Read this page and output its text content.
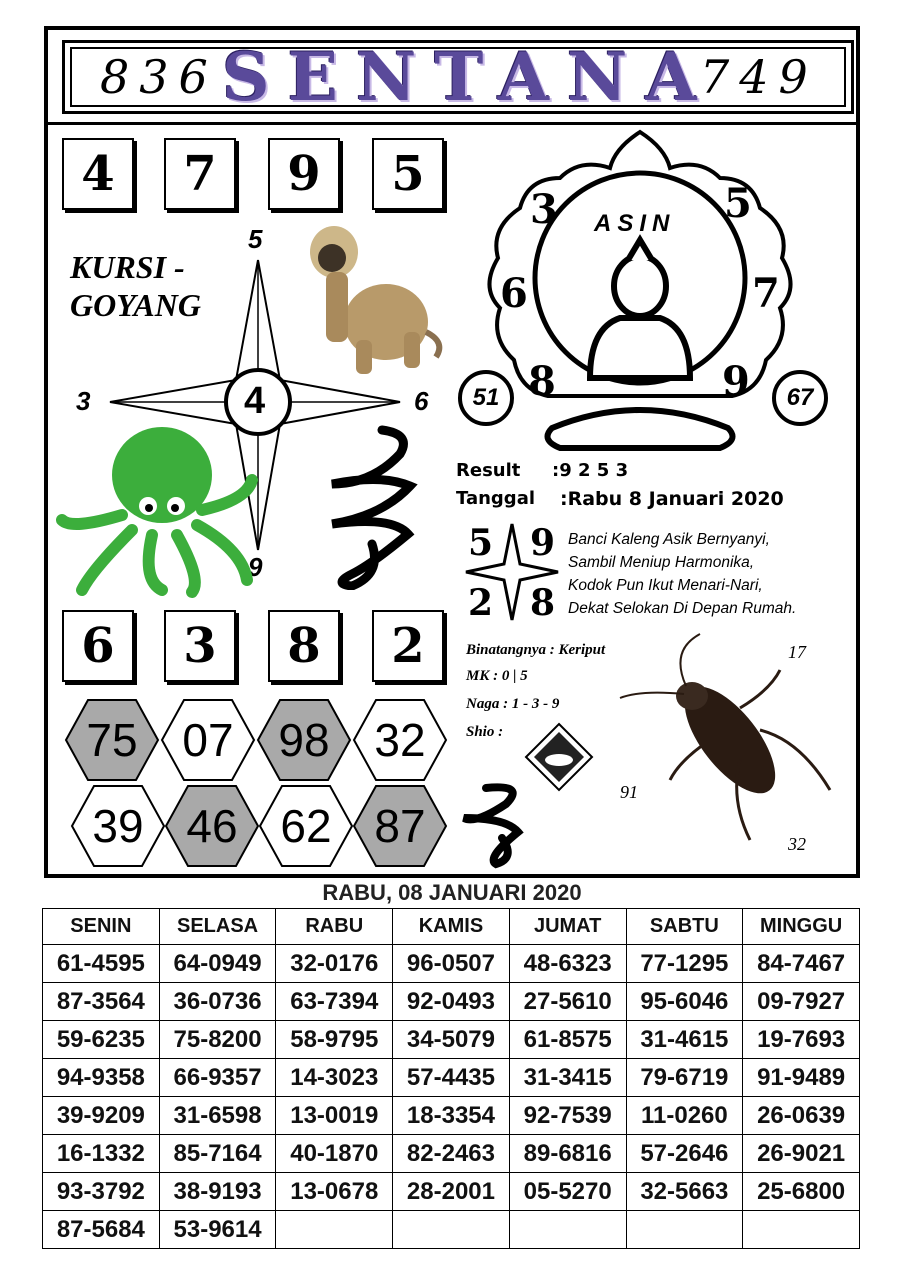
836 SENTANA
749
4	7	9	5
KURSI -
GOYANG
5
3	4	6
9
ASIN
3	5
6	7
8	9
51	67
Result :9 2 5 3
Tanggal :Rabu 8 Januari 2020
5 9
2 8
Banci Kaleng Asik Bernyanyi,
Sambil Meniup Harmonika,
Kodok Pun Ikut Menari-Nari,
Dekat Selokan Di Depan Rumah.
Binatangnya : Keriput
MK : 0 | 5
Naga : 1 - 3 - 9
Shio :
17
91
32
6	3	8	2
75 07 98 32
39 46 62 87
RABU, 08 JANUARI 2020
SENIN	SELASA	RABU	KAMIS	JUMAT	SABTU	MINGGU
61-4595	64-0949	32-0176	96-0507	48-6323	77-1295	84-7467
87-3564	36-0736	63-7394	92-0493	27-5610	95-6046	09-7927
59-6235	75-8200	58-9795	34-5079	61-8575	31-4615	19-7693
94-9358	66-9357	14-3023	57-4435	31-3415	79-6719	91-9489
39-9209	31-6598	13-0019	18-3354	92-7539	11-0260	26-0639
16-1332	85-7164	40-1870	82-2463	89-6816	57-2646	26-9021
93-3792	38-9193	13-0678	28-2001	05-5270	32-5663	25-6800
87-5684	53-9614					
